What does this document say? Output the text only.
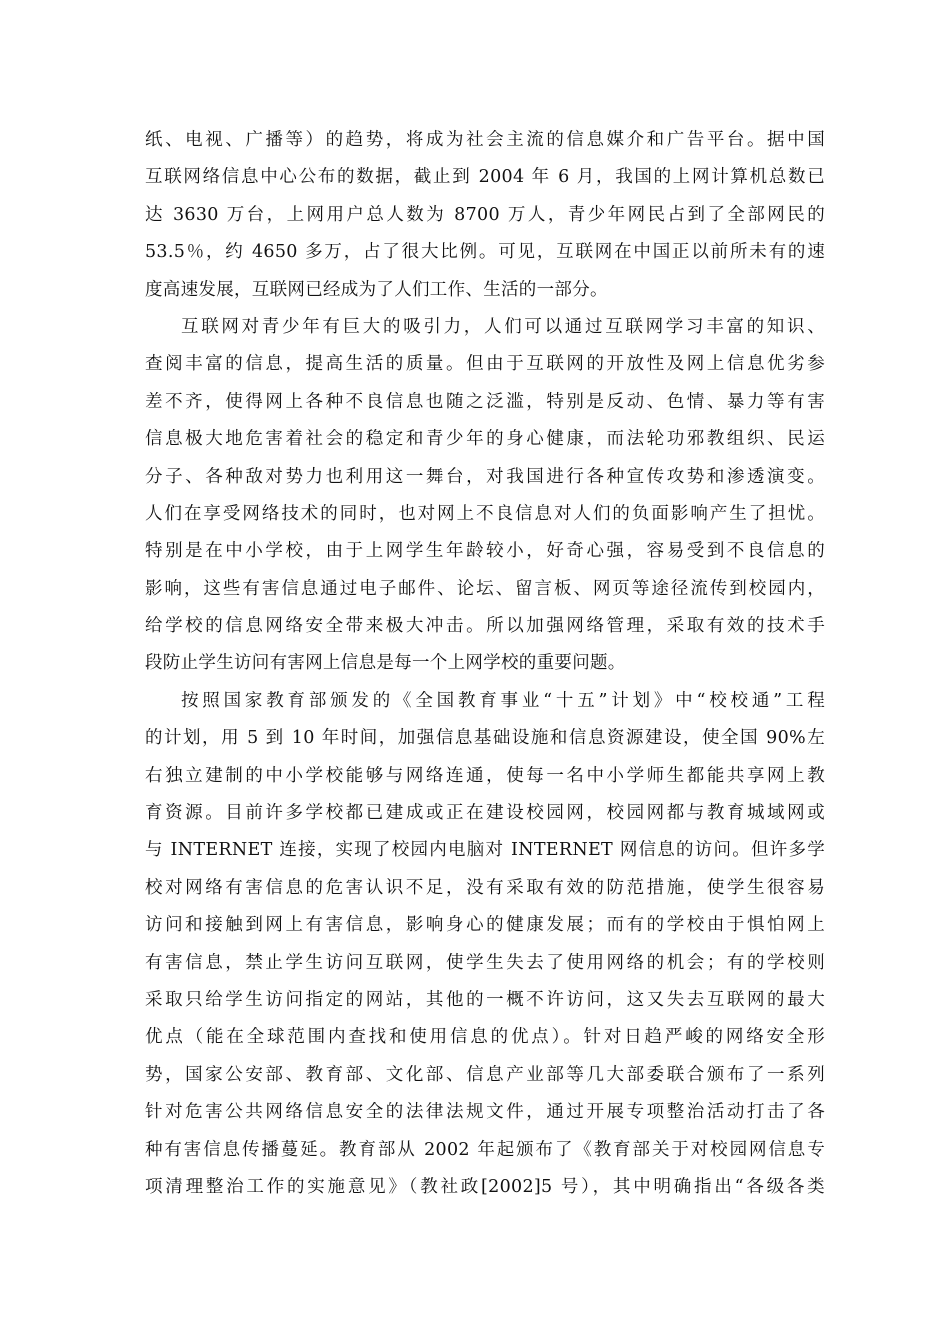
纸、电视、广播等）的趋势，将成为社会主流的信息媒介和广告平台。据中国
互联网络信息中心公布的数据，截止到 2004 年 6 月，我国的上网计算机总数已
达 3630 万台，上网用户总人数为 8700 万人，青少年网民占到了全部网民的
53.5％，约 4650 多万，占了很大比例。可见，互联网在中国正以前所未有的速
度高速发展，互联网已经成为了人们工作、生活的一部分。
互联网对青少年有巨大的吸引力，人们可以通过互联网学习丰富的知识、
查阅丰富的信息，提高生活的质量。但由于互联网的开放性及网上信息优劣参
差不齐，使得网上各种不良信息也随之泛滥，特别是反动、色情、暴力等有害
信息极大地危害着社会的稳定和青少年的身心健康，而法轮功邪教组织、民运
分子、各种敌对势力也利用这一舞台，对我国进行各种宣传攻势和渗透演变。
人们在享受网络技术的同时，也对网上不良信息对人们的负面影响产生了担忧。
特别是在中小学校，由于上网学生年龄较小，好奇心强，容易受到不良信息的
影响，这些有害信息通过电子邮件、论坛、留言板、网页等途径流传到校园内，
给学校的信息网络安全带来极大冲击。所以加强网络管理，采取有效的技术手
段防止学生访问有害网上信息是每一个上网学校的重要问题。
按照国家教育部颁发的《全国教育事业“十五”计划》中“校校通”工程
的计划，用 5 到 10 年时间，加强信息基础设施和信息资源建设，使全国 90%左
右独立建制的中小学校能够与网络连通，使每一名中小学师生都能共享网上教
育资源。目前许多学校都已建成或正在建设校园网，校园网都与教育城域网或
与 INTERNET 连接，实现了校园内电脑对 INTERNET 网信息的访问。但许多学
校对网络有害信息的危害认识不足，没有采取有效的防范措施，使学生很容易
访问和接触到网上有害信息，影响身心的健康发展；而有的学校由于惧怕网上
有害信息，禁止学生访问互联网，使学生失去了使用网络的机会；有的学校则
采取只给学生访问指定的网站，其他的一概不许访问，这又失去互联网的最大
优点（能在全球范围内查找和使用信息的优点）。针对日趋严峻的网络安全形
势，国家公安部、教育部、文化部、信息产业部等几大部委联合颁布了一系列
针对危害公共网络信息安全的法律法规文件，通过开展专项整治活动打击了各
种有害信息传播蔓延。教育部从 2002 年起颁布了《教育部关于对校园网信息专
项清理整治工作的实施意见》（教社政[2002]5 号），其中明确指出“各级各类
